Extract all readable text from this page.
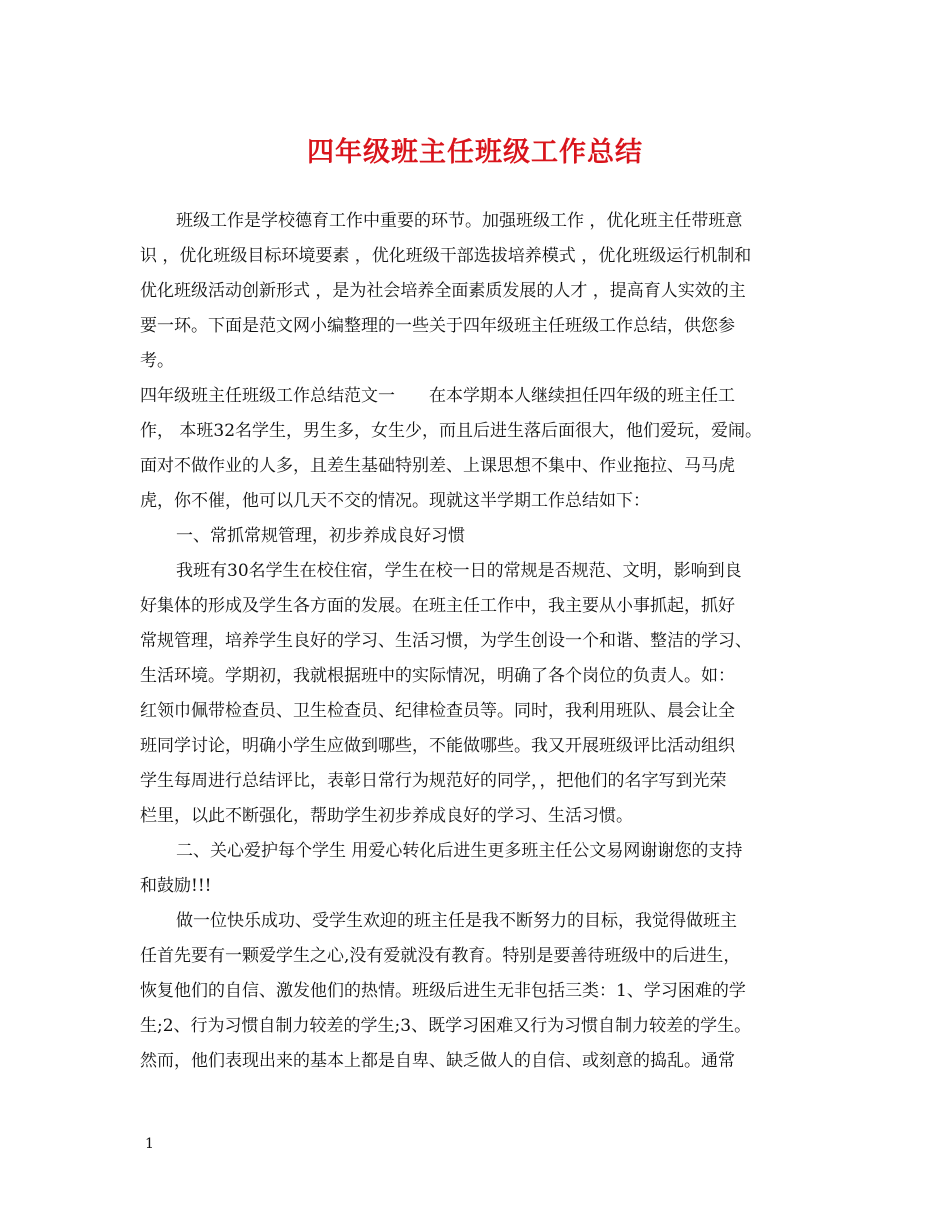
四年级班主任班级工作总结
班级工作是学校德育工作中重要的环节。加强班级工作 ，优化班主任带班意
识 ，优化班级目标环境要素 ，优化班级干部选拔培养模式 ，优化班级运行机制和
优化班级活动创新形式 ，是为社会培养全面素质发展的人才 ，提高育人实效的主
要一环。下面是范文网小编整理的一些关于四年级班主任班级工作总结，供您参
考。
四年级班主任班级工作总结范文一　　在本学期本人继续担任四年级的班主任工
作， 本班32名学生，男生多，女生少，而且后进生落后面很大，他们爱玩，爱闹。
面对不做作业的人多，且差生基础特别差、上课思想不集中、作业拖拉、马马虎
虎，你不催，他可以几天不交的情况。现就这半学期工作总结如下：
一、常抓常规管理，初步养成良好习惯
我班有30名学生在校住宿，学生在校一日的常规是否规范、文明，影响到良
好集体的形成及学生各方面的发展。在班主任工作中，我主要从小事抓起，抓好
常规管理，培养学生良好的学习、生活习惯，为学生创设一个和谐、整洁的学习、
生活环境。学期初，我就根据班中的实际情况，明确了各个岗位的负责人。如：
红领巾佩带检查员、卫生检查员、纪律检查员等。同时，我利用班队、晨会让全
班同学讨论，明确小学生应做到哪些，不能做哪些。我又开展班级评比活动组织
学生每周进行总结评比，表彰日常行为规范好的同学，，把他们的名字写到光荣
栏里，以此不断强化，帮助学生初步养成良好的学习、生活习惯。
二、关心爱护每个学生 用爱心转化后进生更多班主任公文易网谢谢您的支持
和鼓励!!!
做一位快乐成功、受学生欢迎的班主任是我不断努力的目标，我觉得做班主
任首先要有一颗爱学生之心,没有爱就没有教育。特别是要善待班级中的后进生，
恢复他们的自信、激发他们的热情。班级后进生无非包括三类：1、学习困难的学
生;2、行为习惯自制力较差的学生;3、既学习困难又行为习惯自制力较差的学生。
然而，他们表现出来的基本上都是自卑、缺乏做人的自信、或刻意的捣乱。通常
1
